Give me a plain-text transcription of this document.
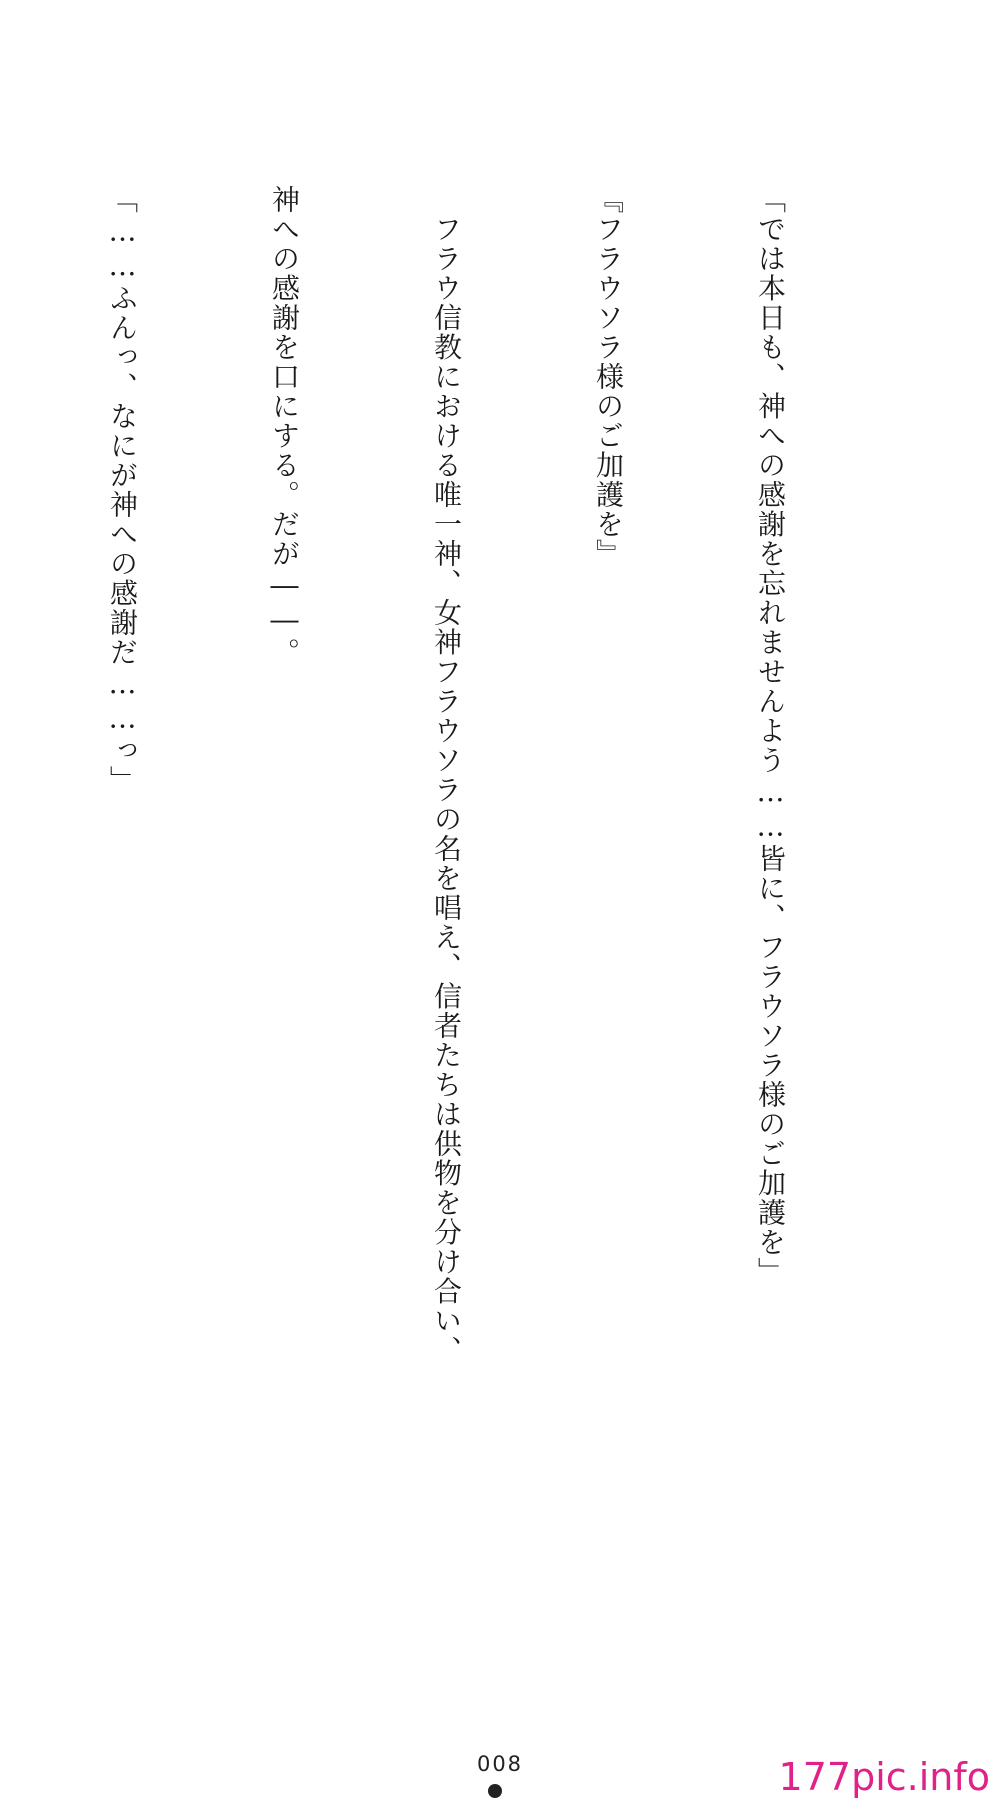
「では本日も、神への感謝を忘れませんよう……皆に、フラウソラ様のご加護を」

『フラウソラ様のご加護を』

　フラウ信教における唯一神、女神フラウソラの名を唱え、信者たちは供物を分け合い、

神への感謝を口にする。だが――。

「……ふんっ、なにが神への感謝だ……っ」

008	177pic.info
